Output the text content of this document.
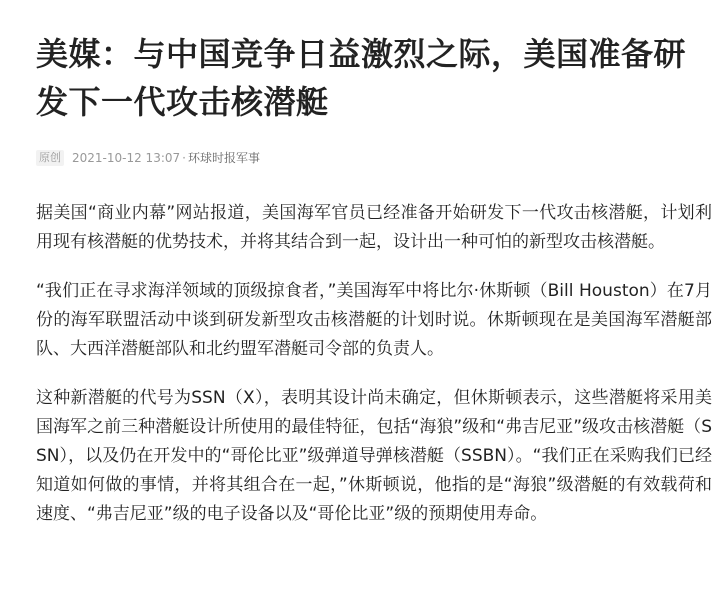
美媒：与中国竞争日益激烈之际，美国准备研发下一代攻击核潜艇
原创 2021-10-12 13:07 · 环球时报军事

据美国“商业内幕”网站报道，美国海军官员已经准备开始研发下一代攻击核潜艇，计划利用现有核潜艇的优势技术，并将其结合到一起，设计出一种可怕的新型攻击核潜艇。

“我们正在寻求海洋领域的顶级掠食者，”美国海军中将比尔·休斯顿（Bill Houston）在7月份的海军联盟活动中谈到研发新型攻击核潜艇的计划时说。休斯顿现在是美国海军潜艇部队、大西洋潜艇部队和北约盟军潜艇司令部的负责人。

这种新潜艇的代号为SSN（X），表明其设计尚未确定，但休斯顿表示，这些潜艇将采用美国海军之前三种潜艇设计所使用的最佳特征，包括“海狼”级和“弗吉尼亚”级攻击核潜艇（SSN），以及仍在开发中的“哥伦比亚”级弹道导弹核潜艇（SSBN）。“我们正在采购我们已经知道如何做的事情，并将其组合在一起，”休斯顿说，他指的是“海狼”级潜艇的有效载荷和速度、“弗吉尼亚”级的电子设备以及“哥伦比亚”级的预期使用寿命。
